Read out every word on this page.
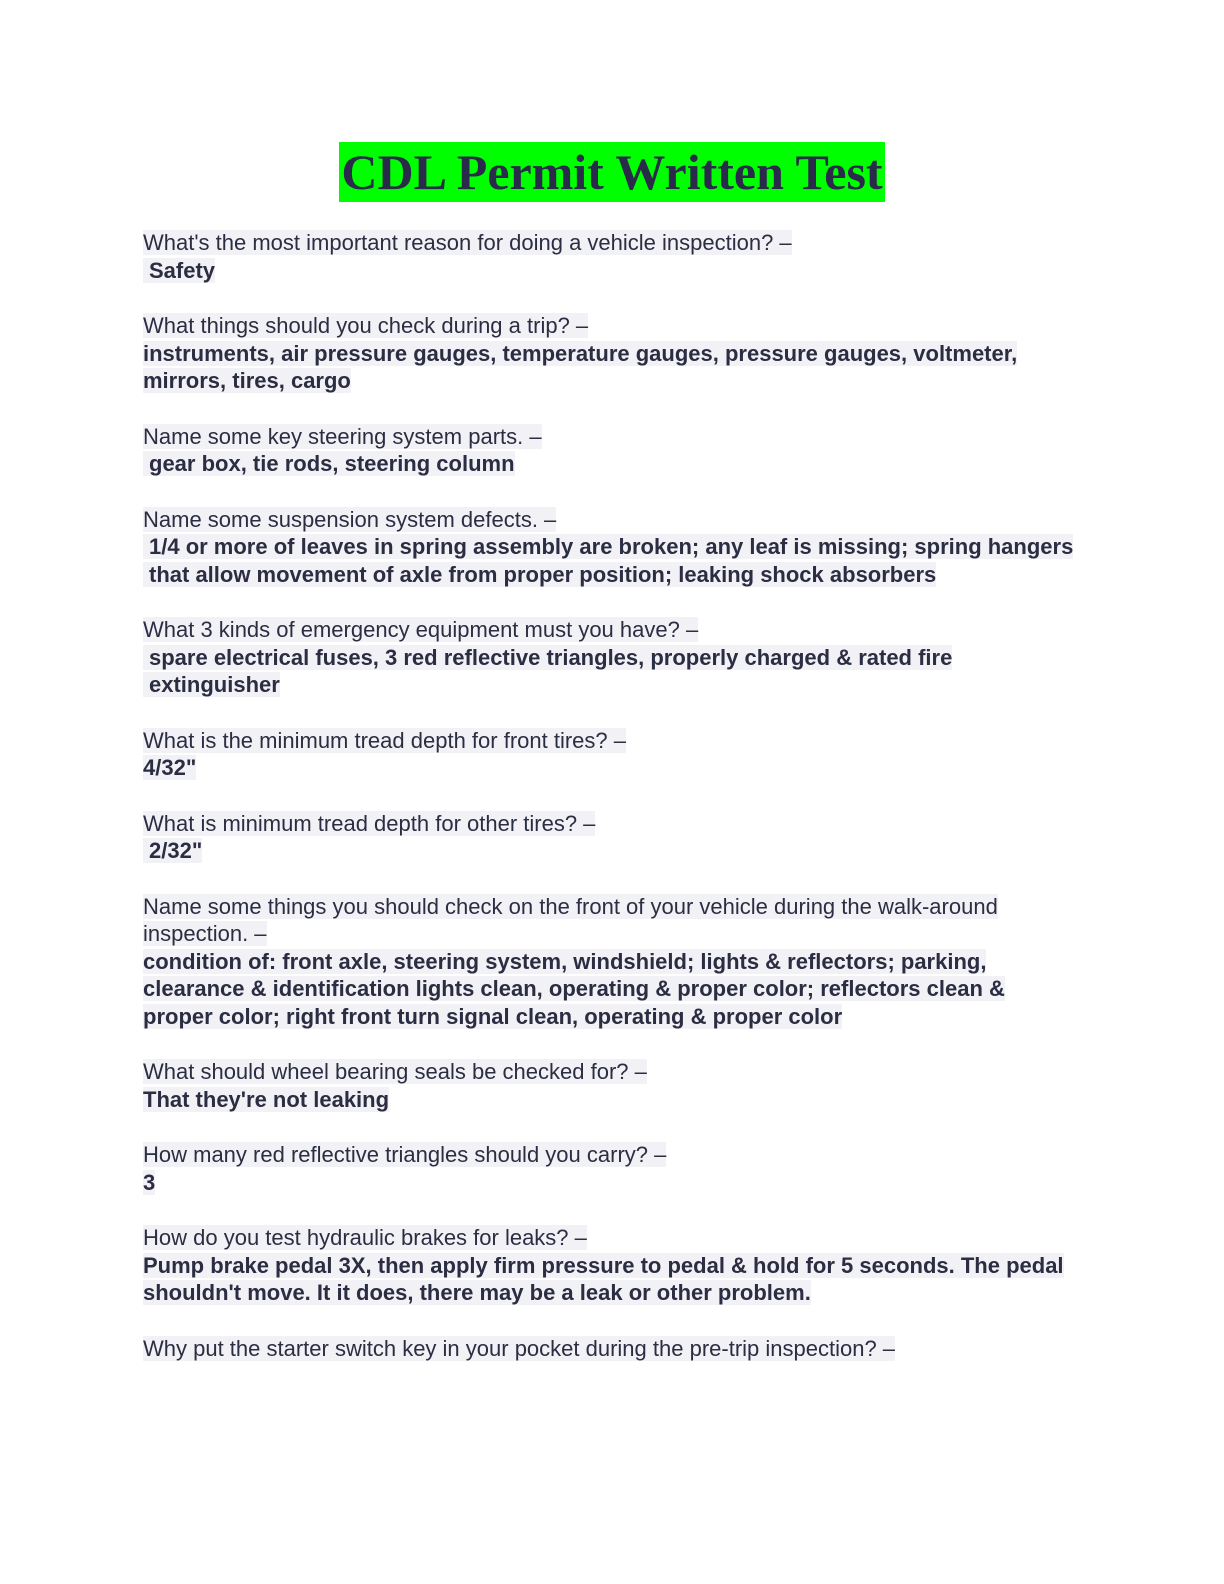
CDL Permit Written Test
What's the most important reason for doing a vehicle inspection? –
Safety
What things should you check during a trip? –
instruments, air pressure gauges, temperature gauges, pressure gauges, voltmeter, mirrors, tires, cargo
Name some key steering system parts. –
gear box, tie rods, steering column
Name some suspension system defects. –
1/4 or more of leaves in spring assembly are broken; any leaf is missing; spring hangers that allow movement of axle from proper position; leaking shock absorbers
What 3 kinds of emergency equipment must you have? –
spare electrical fuses, 3 red reflective triangles, properly charged & rated fire extinguisher
What is the minimum tread depth for front tires? –
4/32"
What is minimum tread depth for other tires? –
2/32"
Name some things you should check on the front of your vehicle during the walk-around inspection. –
condition of: front axle, steering system, windshield; lights & reflectors; parking, clearance & identification lights clean, operating & proper color; reflectors clean & proper color; right front turn signal clean, operating & proper color
What should wheel bearing seals be checked for? –
That they're not leaking
How many red reflective triangles should you carry? –
3
How do you test hydraulic brakes for leaks? –
Pump brake pedal 3X, then apply firm pressure to pedal & hold for 5 seconds. The pedal shouldn't move. It it does, there may be a leak or other problem.
Why put the starter switch key in your pocket during the pre-trip inspection? –
